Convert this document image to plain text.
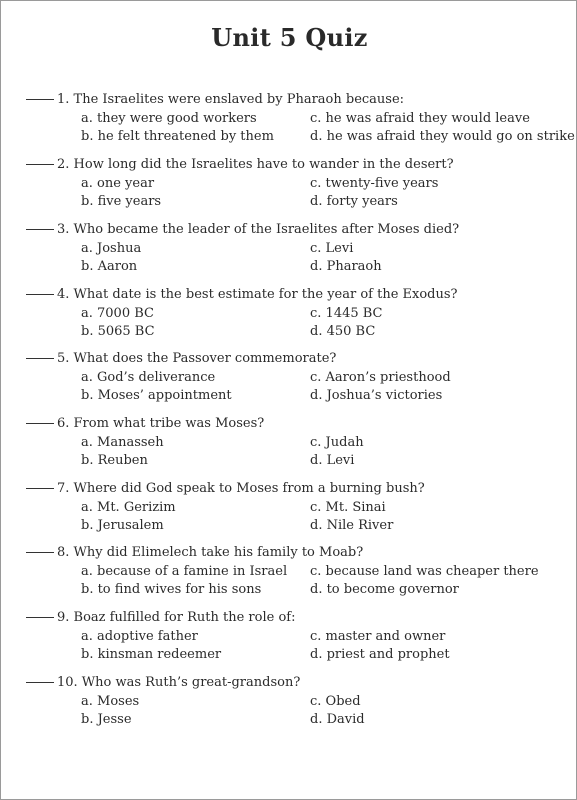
Unit 5 Quiz
1. The Israelites were enslaved by Pharaoh because:
a. they were good workers
b. he felt threatened by them
c. he was afraid they would leave
d. he was afraid they would go on strike
2. How long did the Israelites have to wander in the desert?
a. one year
b. five years
c. twenty-five years
d. forty years
3. Who became the leader of the Israelites after Moses died?
a. Joshua
b. Aaron
c. Levi
d. Pharaoh
4. What date is the best estimate for the year of the Exodus?
a. 7000 BC
b. 5065 BC
c. 1445 BC
d. 450 BC
5. What does the Passover commemorate?
a. God’s deliverance
b. Moses’ appointment
c. Aaron’s priesthood
d. Joshua’s victories
6. From what tribe was Moses?
a. Manasseh
b. Reuben
c. Judah
d. Levi
7. Where did God speak to Moses from a burning bush?
a. Mt. Gerizim
b. Jerusalem
c. Mt. Sinai
d. Nile River
8. Why did Elimelech take his family to Moab?
a. because of a famine in Israel
b. to find wives for his sons
c. because land was cheaper there
d. to become governor
9. Boaz fulfilled for Ruth the role of:
a. adoptive father
b. kinsman redeemer
c. master and owner
d. priest and prophet
10. Who was Ruth’s great-grandson?
a. Moses
b. Jesse
c. Obed
d. David
